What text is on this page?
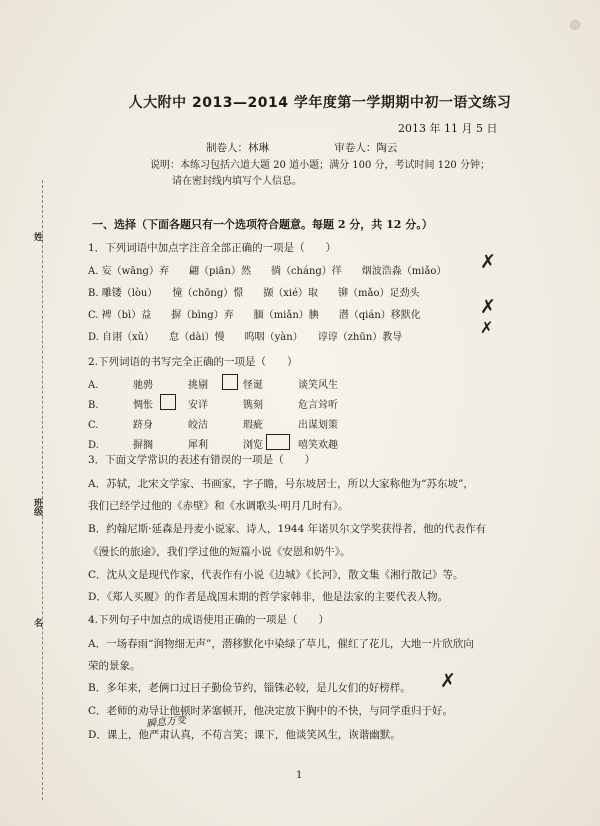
姓
班级
名
人大附中 2013—2014 学年度第一学期期中初一语文练习
2013 年 11 月 5 日
制卷人：林琳	审卷人：陶云
说明：本练习包括六道大题 20 道小题；满分 100 分，考试时间 120 分钟；
请在密封线内填写个人信息。
一、选择（下面各题只有一个选项符合题意。每题 2 分，共 12 分。）
1．下列词语中加点字注音全部正确的一项是（　　）
A. 妄（wāng）弃　　翩（piān）然　　徜（cháng）徉　　烟波浩淼（miǎo）
B. 雕镂（lòu）　　憧（chōng）憬　　撷（xié）取　　铆（mǎo）足劲头
C. 裨（bì）益　　摒（bìng）弃　　腼（miǎn）腆　　潜（qián）移默化
D. 自诩（xǔ）　　怠（dài）慢　　呜咽（yàn）　　谆谆（zhūn）教导
✗
✗
✗
2.下列词语的书写完全正确的一项是（　　）
A.	驰骋	挑剔	怪诞	谈笑风生
B.	惆怅	安详	镌刻	危言耸听
C.	跻身	皎洁	瑕疵	出谋划策
D.	摒搁	犀利	浏览	嘻笑欢趣
3．下面文学常识的表述有错误的一项是（　　）
A．苏轼，北宋文学家、书画家，字子瞻，号东坡居士，所以大家称他为“苏东坡”，
我们已经学过他的《赤壁》和《水调歌头·明月几时有》。
B．约翰尼斯·延森是丹麦小说家、诗人，1944 年诺贝尔文学奖获得者，他的代表作有
《漫长的旅途》，我们学过他的短篇小说《安恩和奶牛》。
C．沈从文是现代作家，代表作有小说《边城》《长河》，散文集《湘行散记》等。
D．《郑人买履》的作者是战国末期的哲学家韩非，他是法家的主要代表人物。
4.下列句子中加点的成语使用正确的一项是（　　）
A．一场春雨“润物细无声”，潜移默化中染绿了草儿，催红了花儿，大地一片欣欣向
荣的景象。
B．多年来，老俩口过日子勤俭节约，锱铢必较，是儿女们的好榜样。
C．老师的劝导让他顿时茅塞顿开，他决定放下胸中的不快，与同学重归于好。
D．课上，他严肃认真，不苟言笑；课下，他谈笑风生，诙谐幽默。
✗
瞬息万变
1
